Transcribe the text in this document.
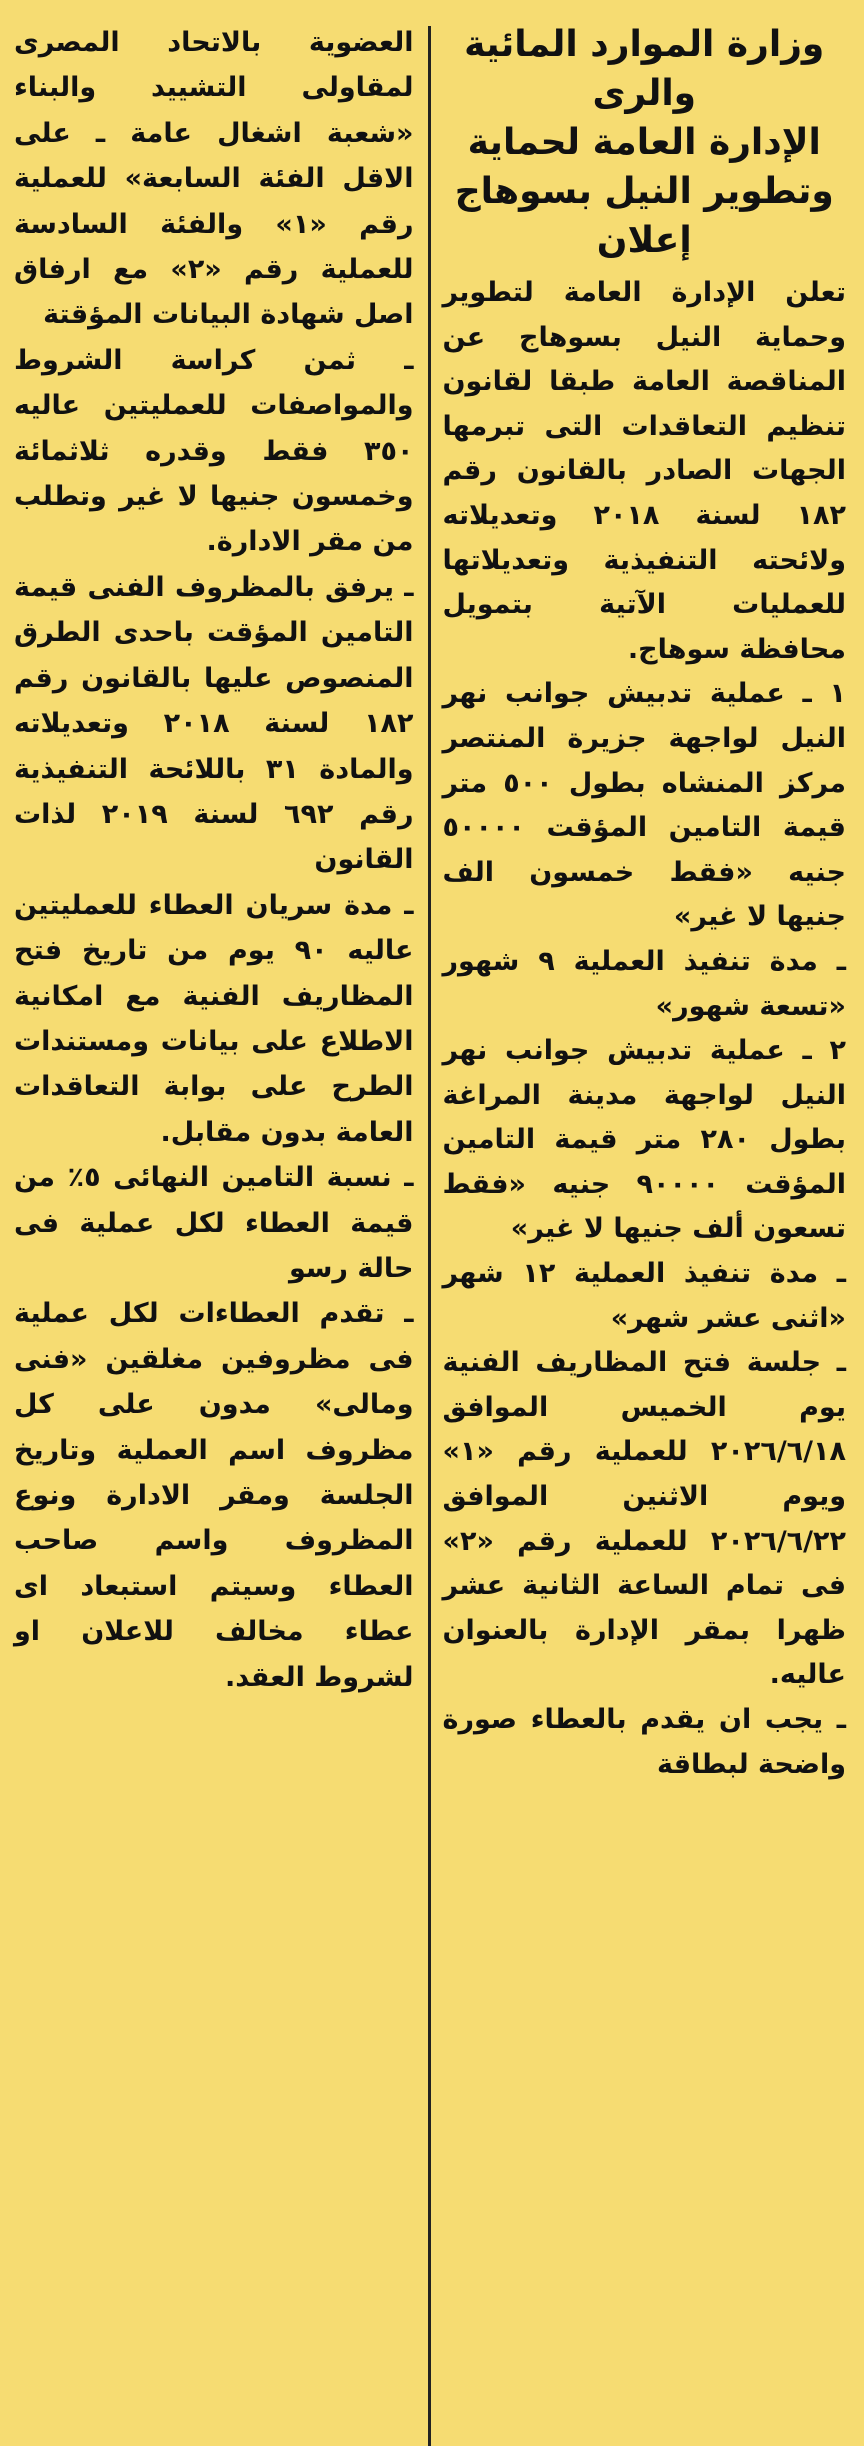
وزارة الموارد المائية والرى

الإدارة العامة لحماية

وتطوير النيل بسوهاج

إعلان

تعلن الإدارة العامة لتطوير وحماية النيل بسوهاج عن المناقصة العامة طبقا لقانون تنظيم التعاقدات التى تبرمها الجهات الصادر بالقانون رقم ١٨٢ لسنة ٢٠١٨ وتعديلاته ولائحته التنفيذية وتعديلاتها للعمليات الآتية بتمويل محافظة سوهاج.

١ ـ عملية تدبيش جوانب نهر النيل لواجهة جزيرة المنتصر مركز المنشاه بطول ٥٠٠ متر قيمة التامين المؤقت ٥٠٠٠٠ جنيه «فقط خمسون الف جنيها لا غير»

ـ مدة تنفيذ العملية ٩ شهور «تسعة شهور»

٢ ـ عملية تدبيش جوانب نهر النيل لواجهة مدينة المراغة بطول ٢٨٠ متر قيمة التامين المؤقت ٩٠٠٠٠ جنيه «فقط تسعون ألف جنيها لا غير»

ـ مدة تنفيذ العملية ١٢ شهر «اثنى عشر شهر»

ـ جلسة فتح المظاريف الفنية يوم الخميس الموافق ٢٠٢٦/٦/١٨ للعملية رقم «١» ويوم الاثنين الموافق ٢٠٢٦/٦/٢٢ للعملية رقم «٢» فى تمام الساعة الثانية عشر ظهرا بمقر الإدارة بالعنوان عاليه.

ـ يجب ان يقدم بالعطاء صورة واضحة لبطاقة

العضوية بالاتحاد المصرى لمقاولى التشييد والبناء «شعبة اشغال عامة ـ على الاقل الفئة السابعة» للعملية رقم «١» والفئة السادسة للعملية رقم «٢» مع ارفاق اصل شهادة البيانات المؤقتة

ـ ثمن كراسة الشروط والمواصفات للعمليتين عاليه ٣٥٠ فقط وقدره ثلاثمائة وخمسون جنيها لا غير وتطلب من مقر الادارة.

ـ يرفق بالمظروف الفنى قيمة التامين المؤقت باحدى الطرق المنصوص عليها بالقانون رقم ١٨٢ لسنة ٢٠١٨ وتعديلاته والمادة ٣١ باللائحة التنفيذية رقم ٦٩٢ لسنة ٢٠١٩ لذات القانون

ـ مدة سريان العطاء للعمليتين عاليه ٩٠ يوم من تاريخ فتح المظاريف الفنية مع امكانية الاطلاع على بيانات ومستندات الطرح على بوابة التعاقدات العامة بدون مقابل.

ـ نسبة التامين النهائى ٥٪ من قيمة العطاء لكل عملية فى حالة رسو

ـ تقدم العطاءات لكل عملية فى مظروفين مغلقين «فنى ومالى» مدون على كل مظروف اسم العملية وتاريخ الجلسة ومقر الادارة ونوع المظروف واسم صاحب العطاء وسيتم استبعاد اى عطاء مخالف للاعلان او لشروط العقد.
